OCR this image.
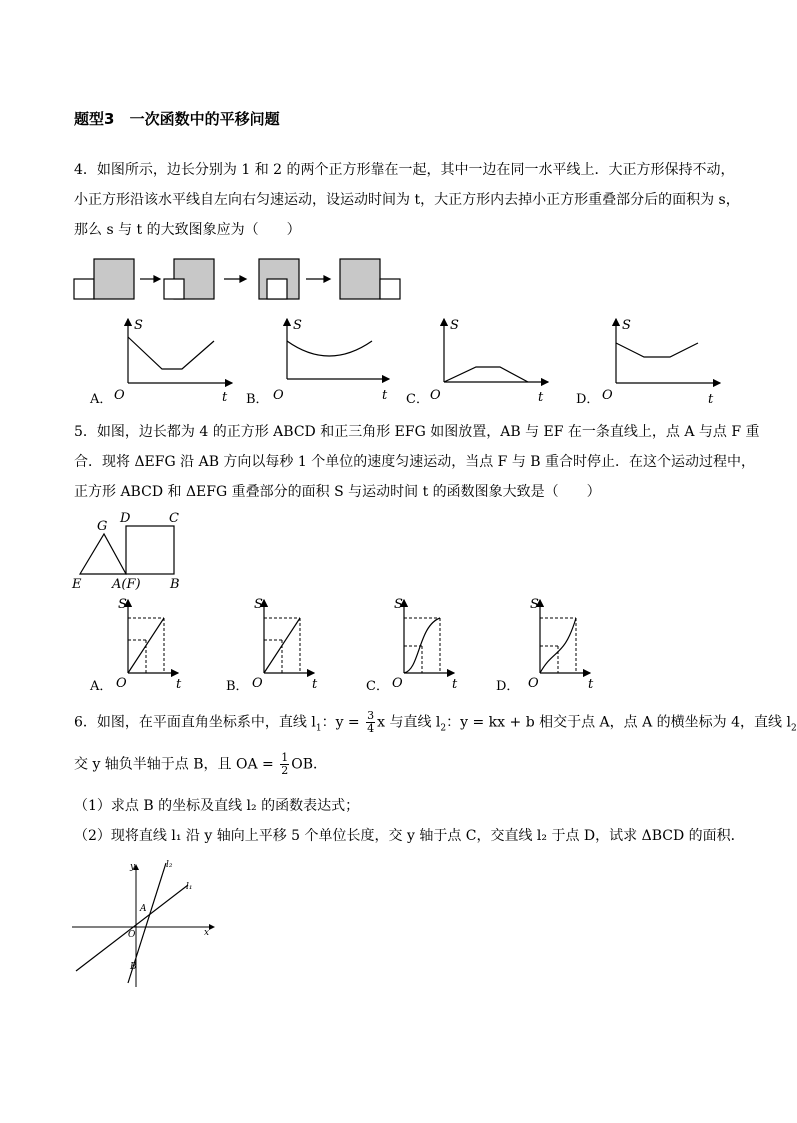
题型3 一次函数中的平移问题
4．如图所示，边长分别为 1 和 2 的两个正方形靠在一起，其中一边在同一水平线上．大正方形保持不动，
小正方形沿该水平线自左向右匀速运动，设运动时间为 t，大正方形内去掉小正方形重叠部分后的面积为 s，
那么 s 与 t 的大致图象应为（　　）
S
O	t
A．
S
O	t
B．
S
O	t
C．
S
O	t
D．
5．如图，边长都为 4 的正方形 ABCD 和正三角形 EFG 如图放置，AB 与 EF 在一条直线上，点 A 与点 F 重
合．现将 ΔEFG 沿 AB 方向以每秒 1 个单位的速度匀速运动，当点 F 与 B 重合时停止．在这个运动过程中，
正方形 ABCD 和 ΔEFG 重叠部分的面积 S 与运动时间 t 的函数图象大致是（　　）
G
D	C
E A(F) B
S
O	t
A．
S
O	t
B．
S
O	t
C．
S
O	t
D．
6．如图，在平面直角坐标系中，直线 $l_1$：$y = \frac{3}{4}$ x 与直线 $l_2$：y = kx + b 相交于点 A，点 A 的横坐标为 4，直线 $l_2$
交 y 轴负半轴于点 B，且 OA = $\frac{1}{2}$ OB．
（1）求点 B 的坐标及直线 l₂ 的函数表达式；
（2）现将直线 l₁ 沿 y 轴向上平移 5 个单位长度，交 y 轴于点 C，交直线 l₂ 于点 D，试求 ΔBCD 的面积．
y
x
O
A
B
l₁
l₂
